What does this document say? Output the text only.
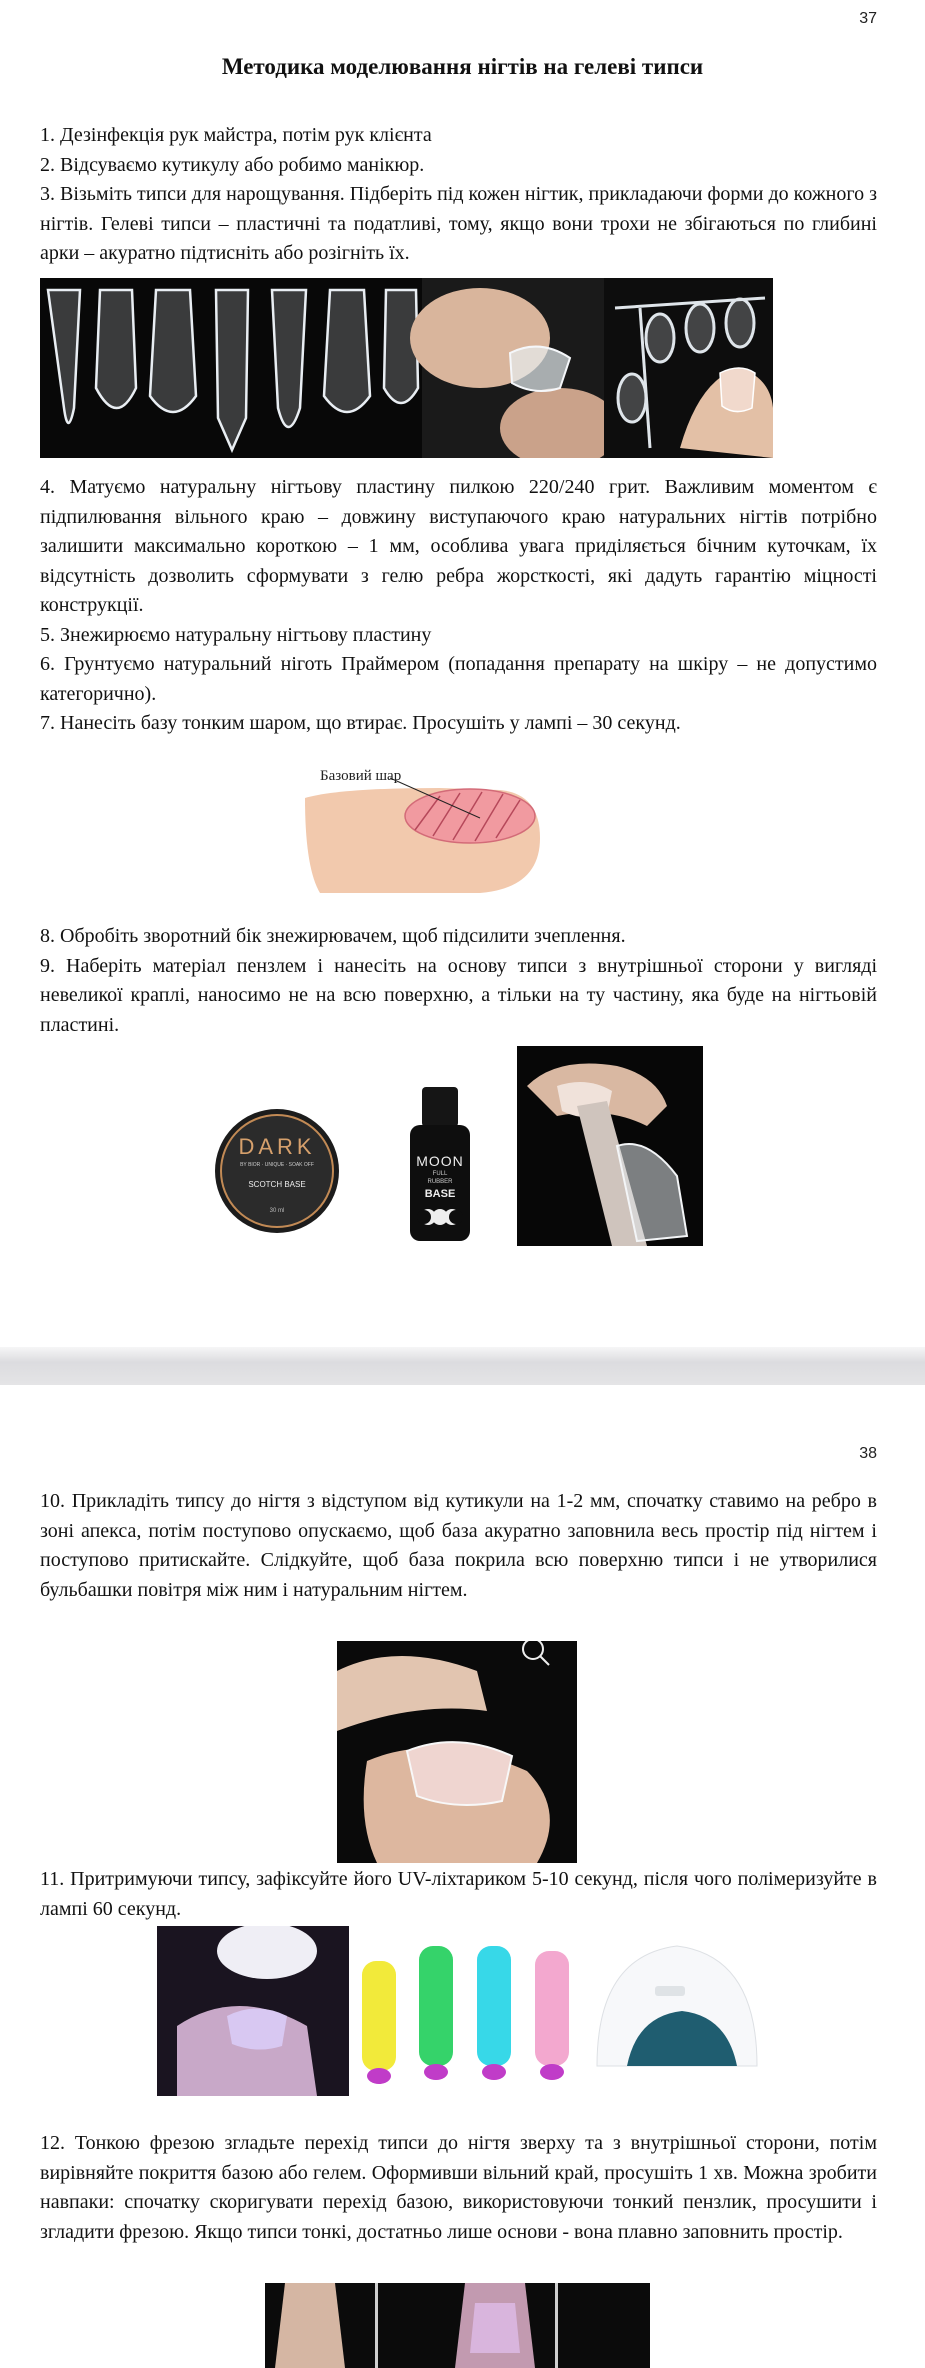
37
Методика моделювання нігтів на гелеві типси

1. Дезінфекція рук майстра, потім рук клієнта

2. Відсуваємо кутикулу або робимо манікюр.

3. Візьміть типси для нарощування. Підберіть під кожен нігтик, прикладаючи форми до кожного з нігтів. Гелеві типси – пластичні та податливі, тому, якщо вони трохи не збігаються по глибині арки – акуратно підтисніть або розігніть їх.

4. Матуємо натуральну нігтьову пластину пилкою 220/240 грит. Важливим моментом є підпилювання вільного краю – довжину виступаючого краю натуральних нігтів потрібно залишити максимально короткою – 1 мм, особлива увага приділяється бічним куточкам, їх відсутність дозволить сформувати з гелю ребра жорсткості, які дадуть гарантію міцності конструкції.

5. Знежирюємо натуральну нігтьову пластину

6. Грунтуємо натуральний ніготь Праймером (попадання препарату на шкіру – не допустимо категорично).

7. Нанесіть базу тонким шаром, що втирає. Просушіть у лампі – 30 секунд.

Базовий шар

8. Обробіть зворотний бік знежирювачем, щоб підсилити зчеплення.

9. Наберіть матеріал пензлем і нанесіть на основу типси з внутрішньої сторони у вигляді невеликої краплі, наносимо не на всю поверхню, а тільки на ту частину, яка буде на нігтьовій пластині.

DARK
BY BIOR · UNIQUE · SOAK OFF
SCOTCH BASE
30 ml
MOON
FULL
RUBBER
BASE
38

10. Прикладіть типсу до нігтя з відступом від кутикули на 1-2 мм, спочатку ставимо на ребро в зоні апекса, потім поступово опускаємо, щоб база акуратно заповнила весь простір під нігтем і поступово притискайте. Слідкуйте, щоб база покрила всю поверхню типси і не утворилися бульбашки повітря між ним і натуральним нігтем.

11. Притримуючи типсу, зафіксуйте його UV-ліхтариком 5-10 секунд, після чого полімеризуйте в лампі 60 секунд.

12. Тонкою фрезою згладьте перехід типси до нігтя зверху та з внутрішньої сторони, потім вирівняйте покриття базою або гелем. Оформивши вільний край, просушіть 1 хв. Можна зробити навпаки: спочатку скоригувати перехід базою, використовуючи тонкий пензлик, просушити і згладити фрезою. Якщо типси тонкі, достатньо лише основи - вона плавно заповнить простір.
